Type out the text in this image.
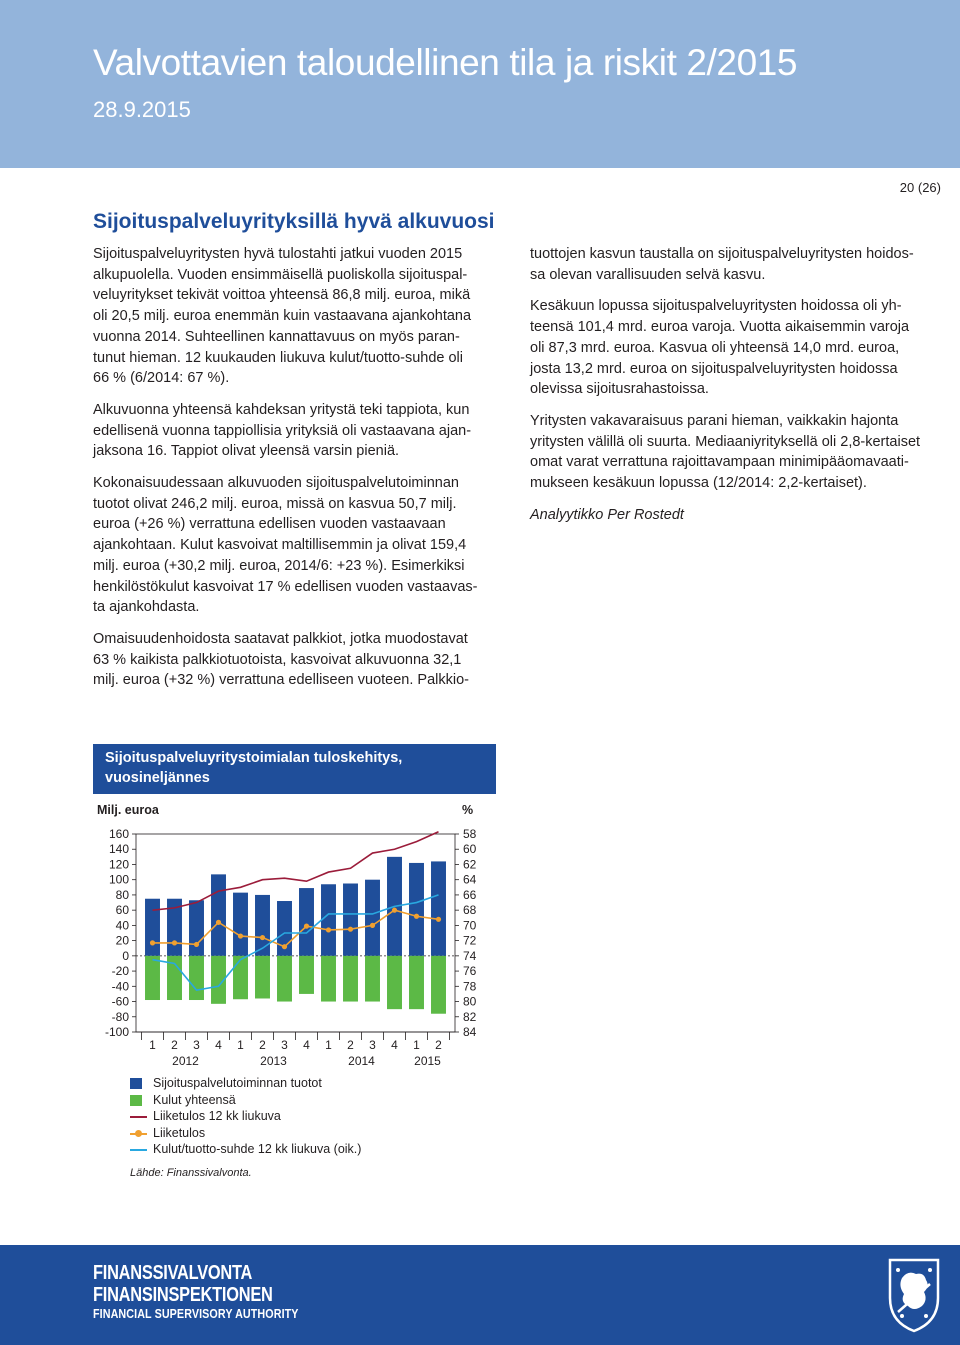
Valvottavien taloudellinen tila ja riskit 2/2015
28.9.2015
20 (26)
Sijoituspalveluyrityksillä hyvä alkuvuosi

Sijoituspalveluyritysten hyvä tulostahti jatkui vuoden 2015
alkupuolella. Vuoden ensimmäisellä puoliskolla sijoituspal-
veluyritykset tekivät voittoa yhteensä 86,8 milj. euroa, mikä
oli 20,5 milj. euroa enemmän kuin vastaavana ajankohtana
vuonna 2014. Suhteellinen kannattavuus on myös paran-
tunut hieman. 12 kuukauden liukuva kulut/tuotto-suhde oli
66 % (6/2014: 67 %).

Alkuvuonna yhteensä kahdeksan yritystä teki tappiota, kun
edellisenä vuonna tappiollisia yrityksiä oli vastaavana ajan-
jaksona 16. Tappiot olivat yleensä varsin pieniä.

Kokonaisuudessaan alkuvuoden sijoituspalvelutoiminnan
tuotot olivat 246,2 milj. euroa, missä on kasvua 50,7 milj.
euroa (+26 %) verrattuna edellisen vuoden vastaavaan
ajankohtaan. Kulut kasvoivat maltillisemmin ja olivat 159,4
milj. euroa (+30,2 milj. euroa, 2014/6: +23 %). Esimerkiksi
henkilöstökulut kasvoivat 17 % edellisen vuoden vastaavas-
ta ajankohdasta.

Omaisuudenhoidosta saatavat palkkiot, jotka muodostavat
63 % kaikista palkkiotuotoista, kasvoivat alkuvuonna 32,1
milj. euroa (+32 %) verrattuna edelliseen vuoteen. Palkkio-

tuottojen kasvun taustalla on sijoituspalveluyritysten hoidos-
sa olevan varallisuuden selvä kasvu.

Kesäkuun lopussa sijoituspalveluyritysten hoidossa oli yh-
teensä 101,4 mrd. euroa varoja. Vuotta aikaisemmin varoja
oli 87,3 mrd. euroa. Kasvua oli yhteensä 14,0 mrd. euroa,
josta 13,2 mrd. euroa on sijoituspalveluyritysten hoidossa
olevissa sijoitusrahastoissa.

Yritysten vakavaraisuus parani hieman, vaikkakin hajonta
yritysten välillä oli suurta. Mediaaniyrityksellä oli 2,8-kertaiset
omat varat verrattuna rajoittavampaan minimipääomavaati-
mukseen kesäkuun lopussa (12/2014: 2,2-kertaiset).

Analyytikko Per Rostedt

Sijoituspalveluyritystoimialan tuloskehitys, vuosineljännes
Milj. euroa	%
160
140
120
100
80
60
40
20
0
-20
-40
-60
-80
-100
58
60
62
64
66
68
70
72
74
76
78
80
82
84
1 2 3 4 1 2 3 4 1 2 3 4 1 2
2012	2013	2014	2015
Sijoituspalvelutoiminnan tuotot
Kulut yhteensä
Liiketulos 12 kk liukuva
Liiketulos
Kulut/tuotto-suhde 12 kk liukuva (oik.)
Lähde: Finanssivalvonta.
FINANSSIVALVONTA
FINANSINSPEKTIONEN
FINANCIAL SUPERVISORY AUTHORITY
